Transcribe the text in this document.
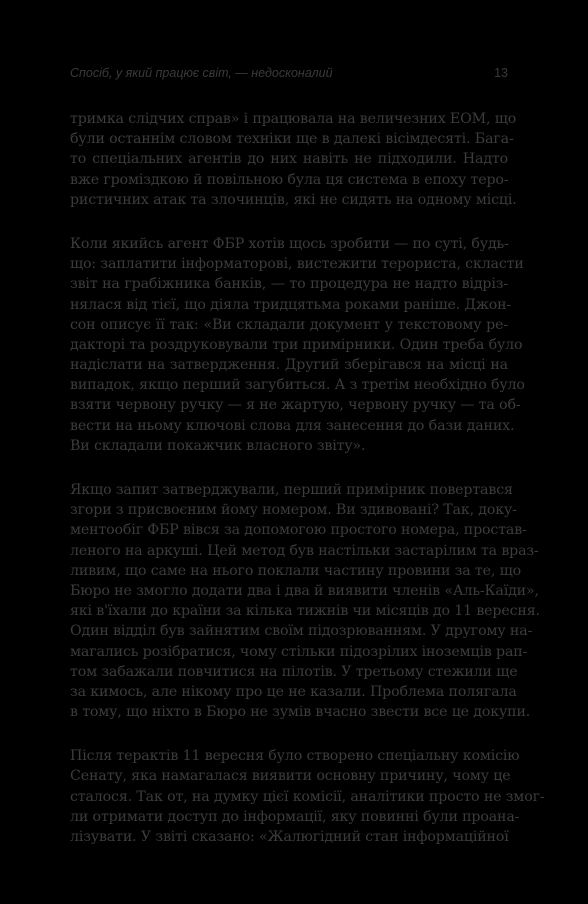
Спосіб, у який працює світ, — недосконалий	13

тримка слідчих справ» і працювала на величезних ЕОМ, що
були останнім словом техніки ще в далекі вісімдесяті. Бага-
то спеціальних агентів до них навіть не підходили. Надто
вже громіздкою й повільною була ця система в епоху теро-
ристичних атак та злочинців, які не сидять на одному місці.

Коли якийсь агент ФБР хотів щось зробити — по суті, будь-
що: заплатити інформаторові, вистежити терориста, скласти
звіт на грабіжника банків, — то процедура не надто відріз-
нялася від тієї, що діяла тридцятьма роками раніше. Джон-
сон описує її так: «Ви складали документ у текстовому ре-
дакторі та роздруковували три примірники. Один треба було
надіслати на затвердження. Другий зберігався на місці на
випадок, якщо перший загубиться. А з третім необхідно було
взяти червону ручку — я не жартую, червону ручку — та об-
вести на ньому ключові слова для занесення до бази даних.
Ви складали покажчик власного звіту».

Якщо запит затверджували, перший примірник повертався
згори з присвоєним йому номером. Ви здивовані? Так, доку-
ментообіг ФБР вівся за допомогою простого номера, простав-
леного на аркуші. Цей метод був настільки застарілим та враз-
ливим, що саме на нього поклали частину провини за те, що
Бюро не змогло додати два і два й виявити членів «Аль-Каїди»,
які в'їхали до країни за кілька тижнів чи місяців до 11 вересня.
Один відділ був зайнятим своїм підозрюванням. У другому на-
магались розібратися, чому стільки підозрілих іноземців рап-
том забажали повчитися на пілотів. У третьому стежили ще
за кимось, але нікому про це не казали. Проблема полягала
в тому, що ніхто в Бюро не зумів вчасно звести все це докупи.

Після терактів 11 вересня було створено спеціальну комісію
Сенату, яка намагалася виявити основну причину, чому це
сталося. Так от, на думку цієї комісії, аналітики просто не змог-
ли отримати доступ до інформації, яку повинні були проана-
лізувати. У звіті сказано: «Жалюгідний стан інформаційної
